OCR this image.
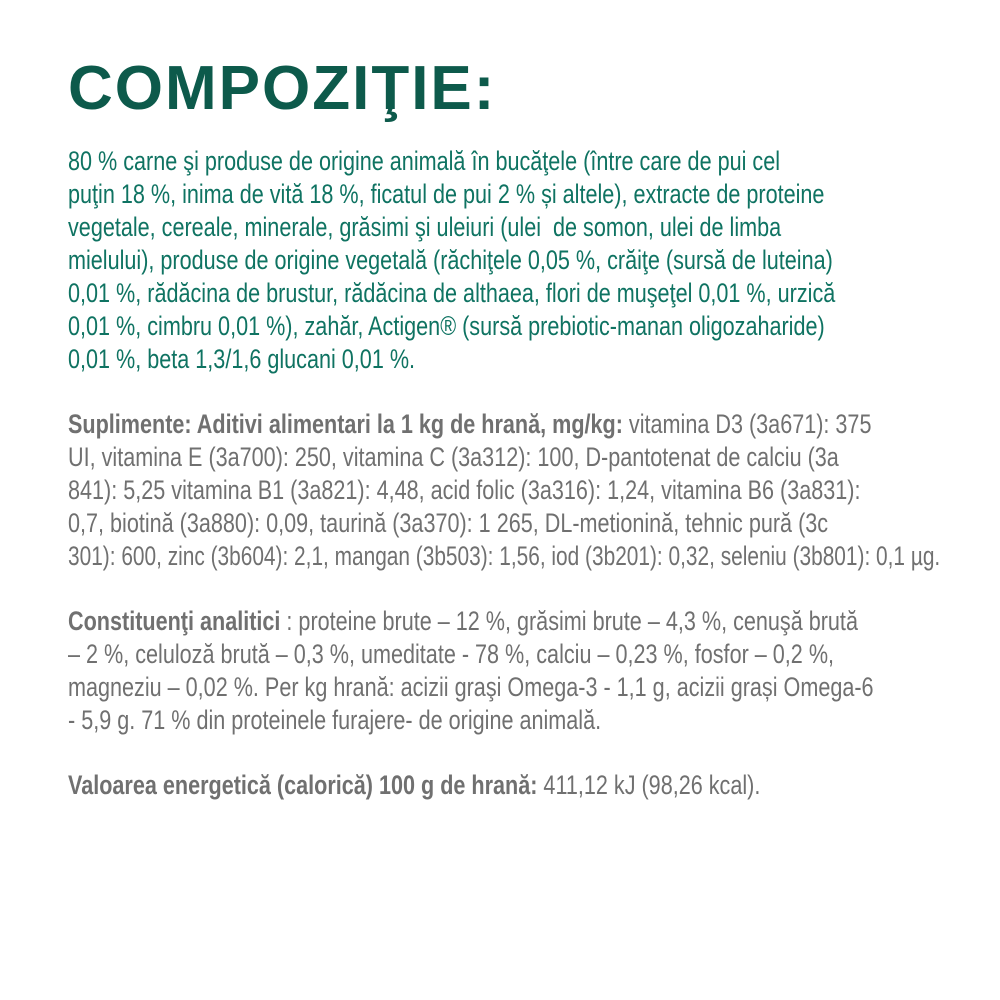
COMPOZIŢIE:
80 % carne şi produse de origine animală în bucăţele (între care de pui cel
puţin 18 %, inima de vită 18 %, ficatul de pui 2 % și altele), extracte de proteine
vegetale, cereale, minerale, grăsimi şi uleiuri (ulei  de somon, ulei de limba
mielului), produse de origine vegetală (răchiţele 0,05 %, crăiţe (sursă de luteina)
0,01 %, rădăcina de brustur, rădăcina de althaea, flori de muşeţel 0,01 %, urzică
0,01 %, cimbru 0,01 %), zahăr, Actigen® (sursă prebiotic-manan oligozaharide)
0,01 %, beta 1,3/1,6 glucani 0,01 %.
Suplimente: Aditivi alimentari la 1 kg de hrană, mg/kg: vitamina D3 (3a671): 375
UI, vitamina E (3a700): 250, vitamina C (3a312): 100, D-pantotenat de calciu (3a
841): 5,25 vitamina B1 (3a821): 4,48, acid folic (3a316): 1,24, vitamina B6 (3a831):
0,7, biotină (3a880): 0,09, taurină (3a370): 1 265, DL-metionină, tehnic pură (3c
301): 600, zinc (3b604): 2,1, mangan (3b503): 1,56, iod (3b201): 0,32, seleniu (3b801): 0,1 µg.
Constituenţi analitici : proteine brute – 12 %, grăsimi brute – 4,3 %, cenuşă brută
– 2 %, celuloză brută – 0,3 %, umeditate - 78 %, calciu – 0,23 %, fosfor – 0,2 %,
magneziu – 0,02 %. Per kg hrană: acizii graşi Omega-3 - 1,1 g, acizii grași Omega-6
- 5,9 g. 71 % din proteinele furajere- de origine animală.
Valoarea energetică (calorică) 100 g de hrană: 411,12 kJ (98,26 kcal).
